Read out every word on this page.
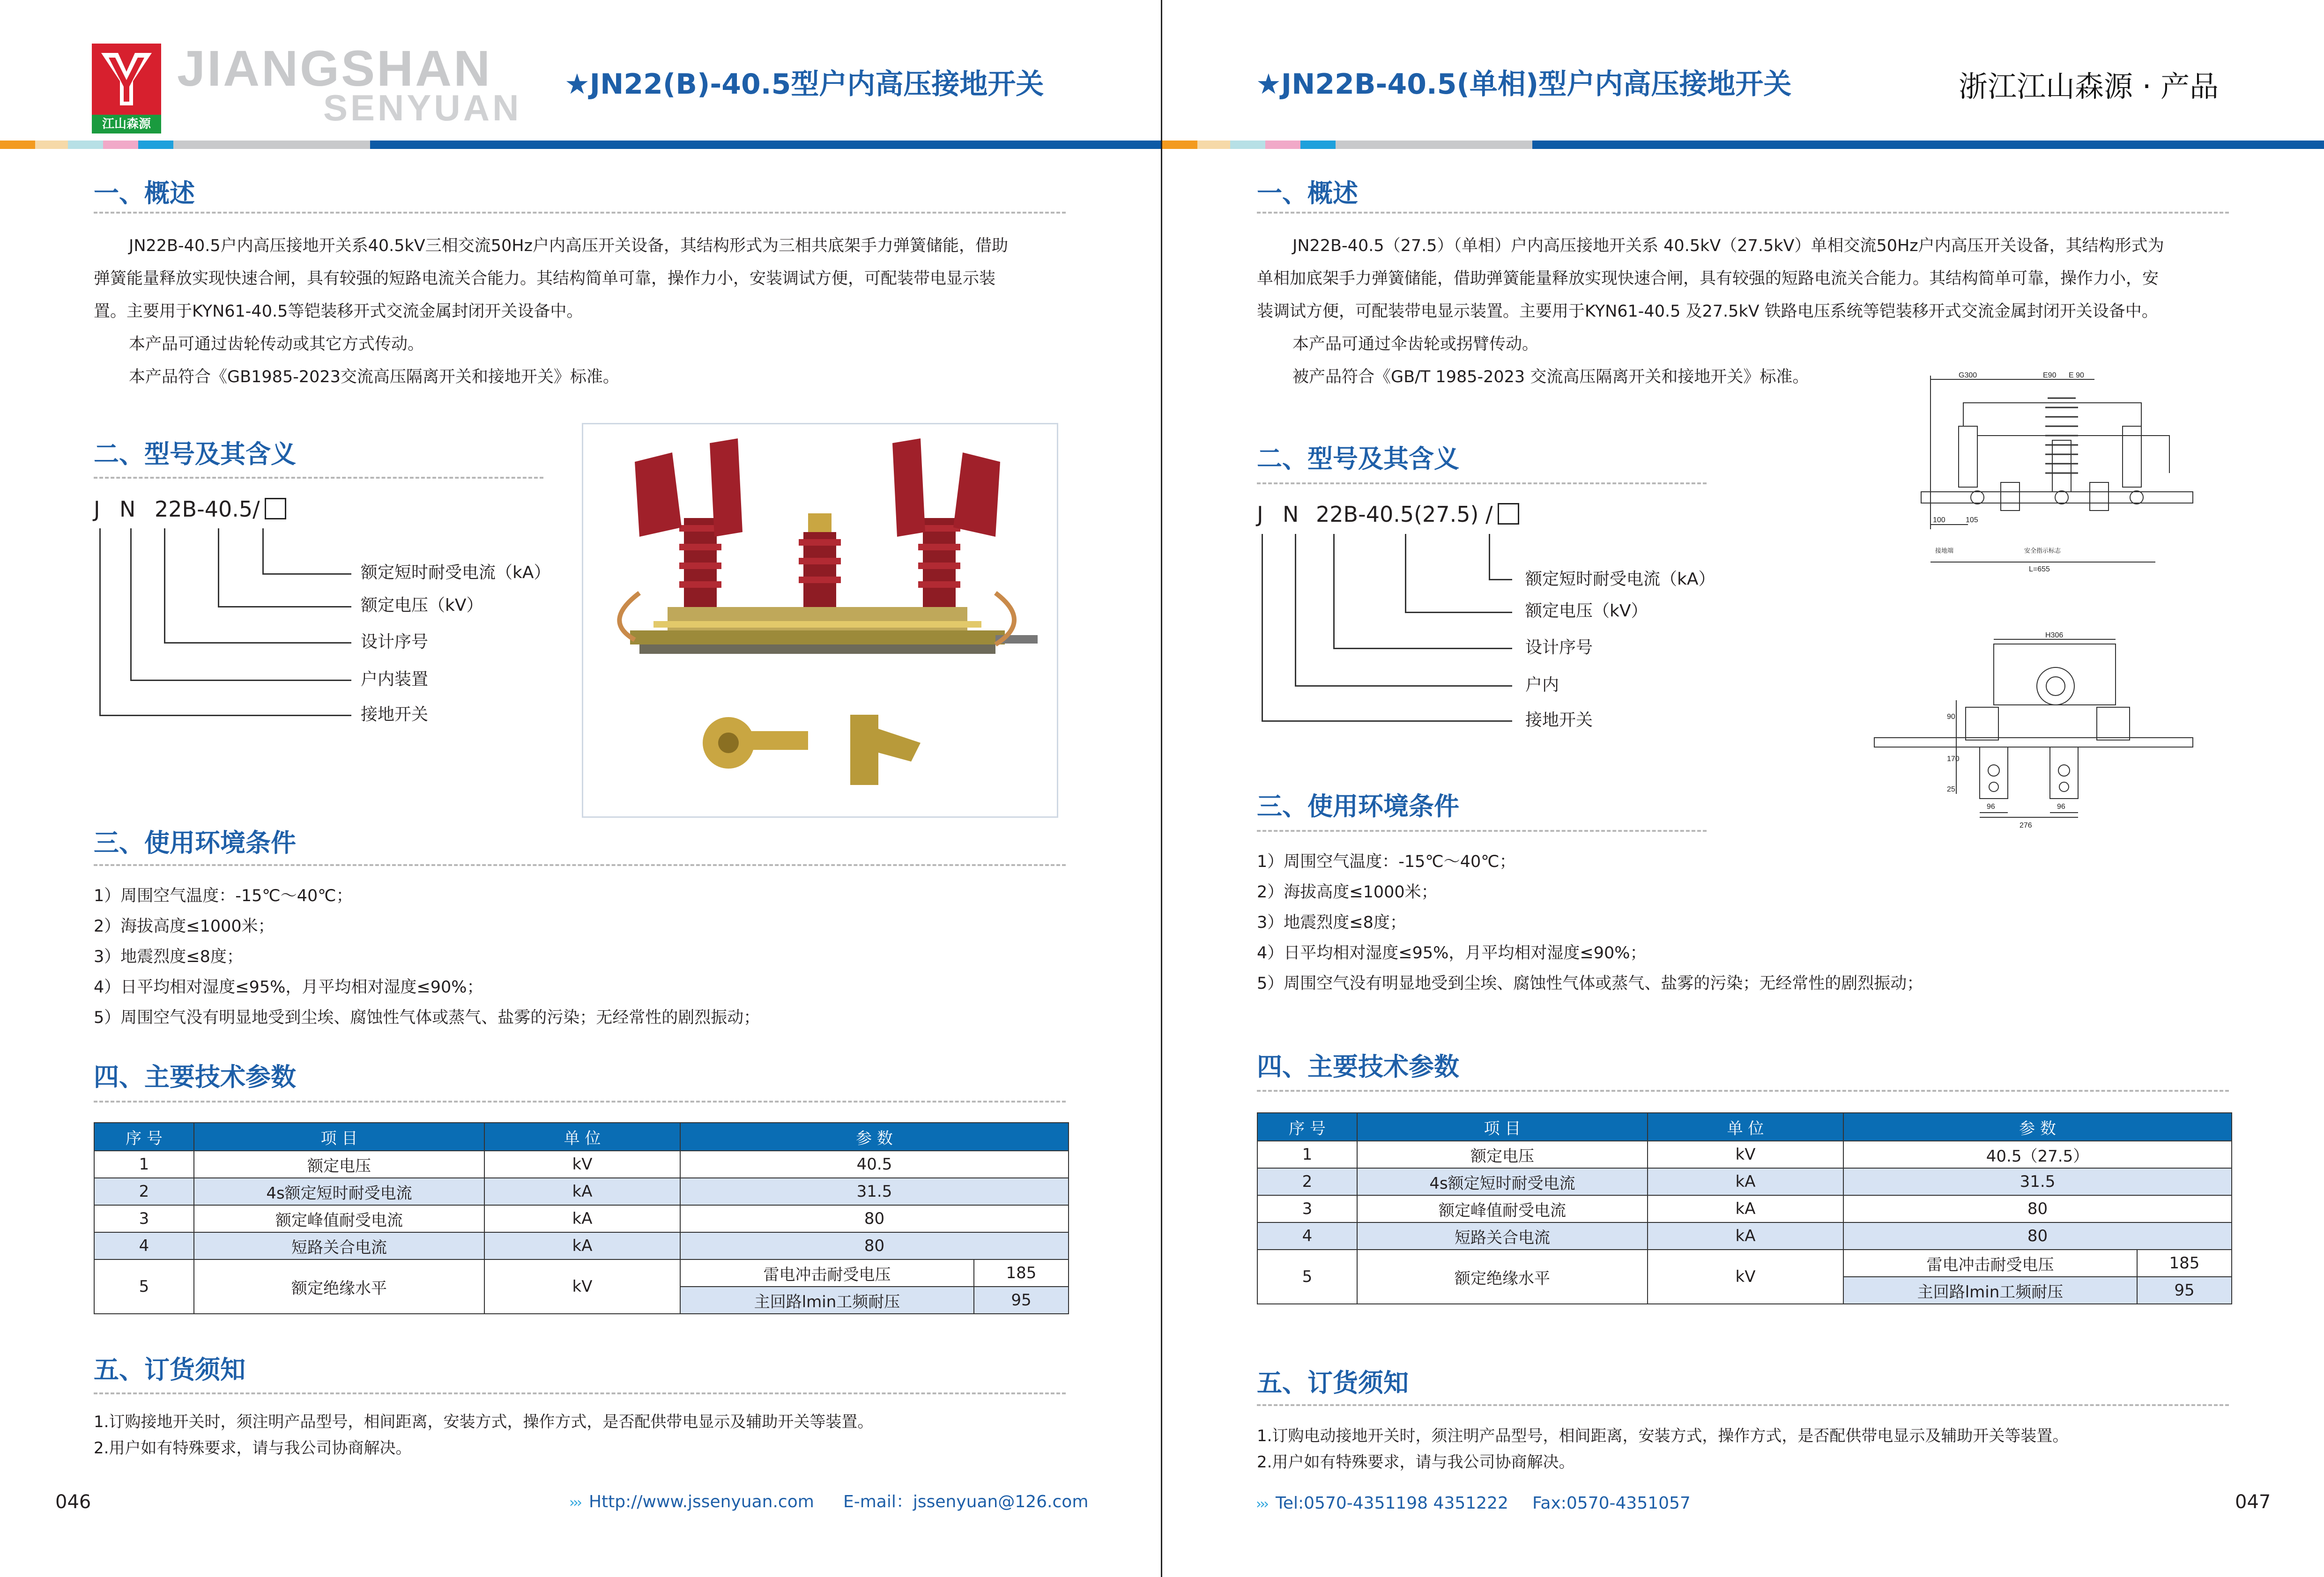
江山森源
JIANGSHAN
SENYUAN
★JN22(B)-40.5型户内高压接地开关
一、概述
JN22B-40.5户内高压接地开关系40.5kV三相交流50Hz户内高压开关设备，其结构形式为三相共底架手力弹簧储能，借助
弹簧能量释放实现快速合闸，具有较强的短路电流关合能力。其结构简单可靠，操作力小，安装调试方便，可配装带电显示装
置。主要用于KYN61-40.5等铠装移开式交流金属封闭开关设备中。
本产品可通过齿轮传动或其它方式传动。
本产品符合《GB1985-2023交流高压隔离开关和接地开关》标准。
二、型号及其含义
J N 22B-40.5/
额定短时耐受电流（kA）
额定电压（kV）
设计序号
户内装置
接地开关
三、使用环境条件
1）周围空气温度：-15℃～40℃；
2）海拔高度≤1000米；
3）地震烈度≤8度；
4）日平均相对湿度≤95%，月平均相对湿度≤90%；
5）周围空气没有明显地受到尘埃、腐蚀性气体或蒸气、盐雾的污染；无经常性的剧烈振动；
四、主要技术参数
序 号	项 目	单 位	参 数	
1	额定电压	kV	40.5	
2	4s额定短时耐受电流	kA	31.5	
3	额定峰值耐受电流	kA	80	
4	短路关合电流	kA	80	
5	额定绝缘水平	kV	雷电冲击耐受电压	185
			主回路lmin工频耐压	95
五、订货须知
1.订购接地开关时，须注明产品型号，相间距离，安装方式，操作方式，是否配供带电显示及辅助开关等装置。
2.用户如有特殊要求，请与我公司协商解决。
046	››› Http://www.jssenyuan.com E-mail：jssenyuan@126.com
★JN22B-40.5(单相)型户内高压接地开关	浙江江山森源 · 产品
一、概述
JN22B-40.5（27.5）（单相）户内高压接地开关系 40.5kV（27.5kV）单相交流50Hz户内高压开关设备，其结构形式为
单相加底架手力弹簧储能，借助弹簧能量释放实现快速合闸，具有较强的短路电流关合能力。其结构简单可靠，操作力小，安
装调试方便，可配装带电显示装置。主要用于KYN61-40.5 及27.5kV 铁路电压系统等铠装移开式交流金属封闭开关设备中。
本产品可通过伞齿轮或拐臂传动。
被产品符合《GB/T 1985-2023 交流高压隔离开关和接地开关》标准。
二、型号及其含义
J N 22B-40.5(27.5) /
额定短时耐受电流（kA）
额定电压（kV）
设计序号
户内
接地开关
G300	E90 E 90
100	105
L=655
接地端	安全指示标志
H306
90
170
25
96	96
276
三、使用环境条件
1）周围空气温度：-15℃～40℃；
2）海拔高度≤1000米；
3）地震烈度≤8度；
4）日平均相对湿度≤95%，月平均相对湿度≤90%；
5）周围空气没有明显地受到尘埃、腐蚀性气体或蒸气、盐雾的污染；无经常性的剧烈振动；
四、主要技术参数
序 号	项 目	单 位	参 数	
1	额定电压	kV	40.5（27.5）	
2	4s额定短时耐受电流	kA	31.5	
3	额定峰值耐受电流	kA	80	
4	短路关合电流	kA	80	
5	额定绝缘水平	kV	雷电冲击耐受电压	185
			主回路lmin工频耐压	95
五、订货须知
1.订购电动接地开关时，须注明产品型号，相间距离，安装方式，操作方式，是否配供带电显示及辅助开关等装置。
2.用户如有特殊要求，请与我公司协商解决。
››› Tel:0570-4351198 4351222 Fax:0570-4351057	047
